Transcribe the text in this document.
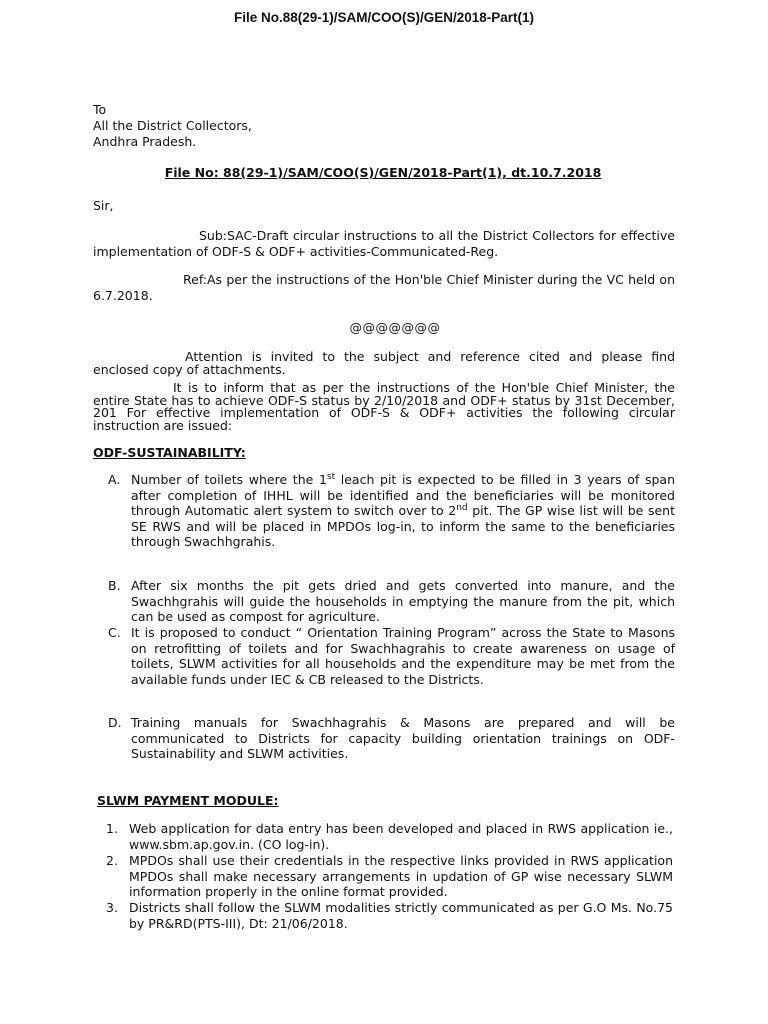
File No.88(29-1)/SAM/COO(S)/GEN/2018-Part(1)
To
All the District Collectors,
Andhra Pradesh.
File No: 88(29-1)/SAM/COO(S)/GEN/2018-Part(1), dt.10.7.2018
Sir,
Sub:SAC-Draft circular instructions to all the District Collectors for effective implementation of ODF-S & ODF+ activities-Communicated-Reg.
Ref:As per the instructions of the Hon'ble Chief Minister during the VC held on 6.7.2018.
@@@@@@@
Attention is invited to the subject and reference cited and please find enclosed copy of attachments.
It is to inform that as per the instructions of the Hon'ble Chief Minister, the entire State has to achieve ODF-S status by 2/10/2018 and ODF+ status by 31st December, 201 For effective implementation of ODF-S & ODF+ activities the following circular instruction are issued:
ODF-SUSTAINABILITY:
A. Number of toilets where the 1st leach pit is expected to be filled in 3 years of span after completion of IHHL will be identified and the beneficiaries will be monitored through Automatic alert system to switch over to 2nd pit. The GP wise list will be sent SE RWS and will be placed in MPDOs log-in, to inform the same to the beneficiaries through Swachhgrahis.
B. After six months the pit gets dried and gets converted into manure, and the Swachhgrahis will guide the households in emptying the manure from the pit, which can be used as compost for agriculture.
C. It is proposed to conduct “ Orientation Training Program” across the State to Masons on retrofitting of toilets and for Swachhagrahis to create awareness on usage of toilets, SLWM activities for all households and the expenditure may be met from the available funds under IEC & CB released to the Districts.
D. Training manuals for Swachhagrahis & Masons are prepared and will be communicated to Districts for capacity building orientation trainings on ODF-Sustainability and SLWM activities.
SLWM PAYMENT MODULE:
1. Web application for data entry has been developed and placed in RWS application ie., www.sbm.ap.gov.in. (CO log-in).
2. MPDOs shall use their credentials in the respective links provided in RWS application MPDOs shall make necessary arrangements in updation of GP wise necessary SLWM information properly in the online format provided.
3. Districts shall follow the SLWM modalities strictly communicated as per G.O Ms. No.75 by PR&RD(PTS-III), Dt: 21/06/2018.
